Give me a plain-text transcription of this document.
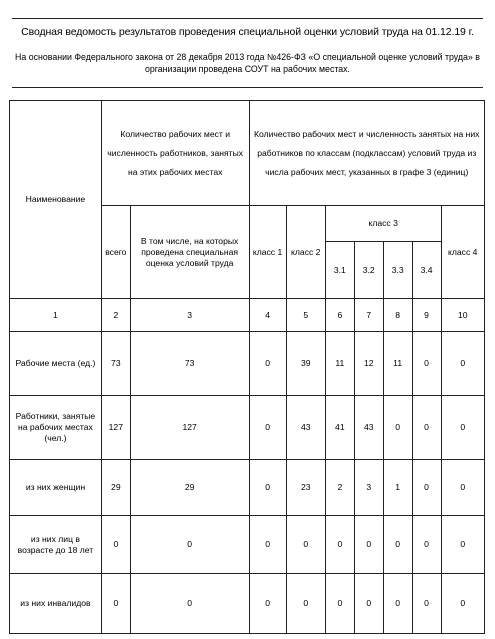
Сводная ведомость результатов проведения специальной оценки условий труда на 01.12.19 г.
На основании Федерального закона от 28 декабря 2013 года №426-ФЗ «О специальной оценке условий труда» в организации проведена СОУТ на рабочих местах.
Наименование	Количество рабочих мест и численность работников, занятых на этих рабочих местах		Количество рабочих мест и численность занятых на них работников по классам (подклассам) условий труда из числа рабочих мест, указанных в графе 3 (единиц)						
	всего	В том числе, на которых проведена специальная оценка условий труда	класс 1	класс 2	класс 3				класс 4
					3.1	3.2	3.3	3.4	
1	2	3	4	5	6	7	8	9	10
Рабочие места (ед.)	73	73	0	39	11	12	11	0	0
Работники, занятые на рабочих местах (чел.)	127	127	0	43	41	43	0	0	0
из них женщин	29	29	0	23	2	3	1	0	0
из них лиц в возрасте до 18 лет	0	0	0	0	0	0	0	0	0
из них инвалидов	0	0	0	0	0	0	0	0	0
